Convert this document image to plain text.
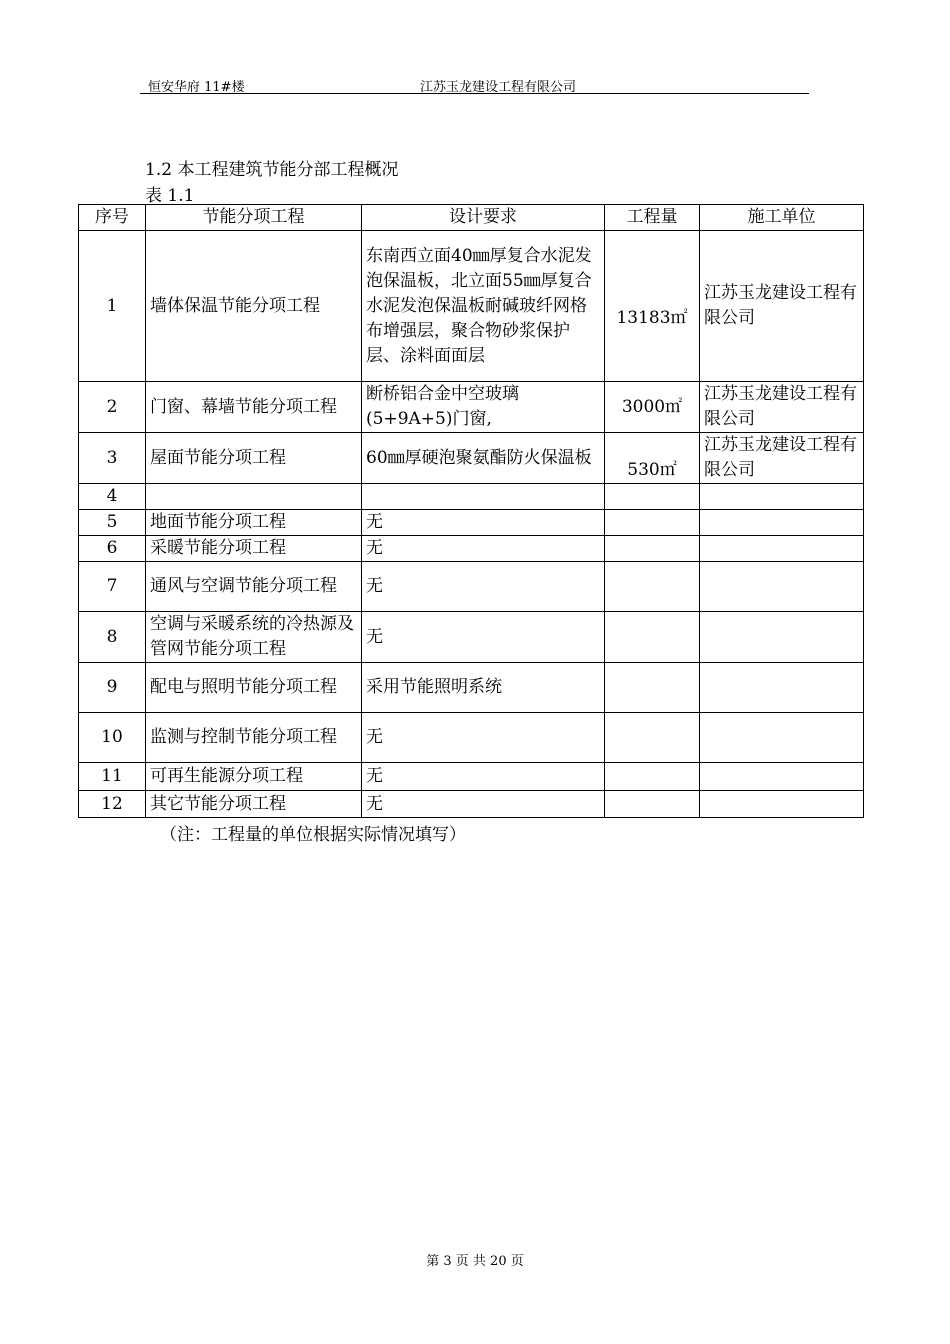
恒安华府 11#楼	江苏玉龙建设工程有限公司
1.2 本工程建筑节能分部工程概况
表 1.1
序号	节能分项工程	设计要求	工程量	施工单位
1	墙体保温节能分项工程	东南西立面40㎜厚复合水泥发泡保温板，北立面55㎜厚复合水泥发泡保温板耐碱玻纤网格布增强层，聚合物砂浆保护层、涂料面面层	13183㎡	江苏玉龙建设工程有限公司
2	门窗、幕墙节能分项工程	断桥铝合金中空玻璃(5+9A+5)门窗,	3000㎡	江苏玉龙建设工程有限公司
3	屋面节能分项工程	60㎜厚硬泡聚氨酯防火保温板	530㎡	江苏玉龙建设工程有限公司
4				
5	地面节能分项工程	无		
6	采暖节能分项工程	无		
7	通风与空调节能分项工程	无		
8	空调与采暖系统的冷热源及管网节能分项工程	无		
9	配电与照明节能分项工程	采用节能照明系统		
10	监测与控制节能分项工程	无		
11	可再生能源分项工程	无		
12	其它节能分项工程	无		
（注：工程量的单位根据实际情况填写）
第 3 页 共 20 页
